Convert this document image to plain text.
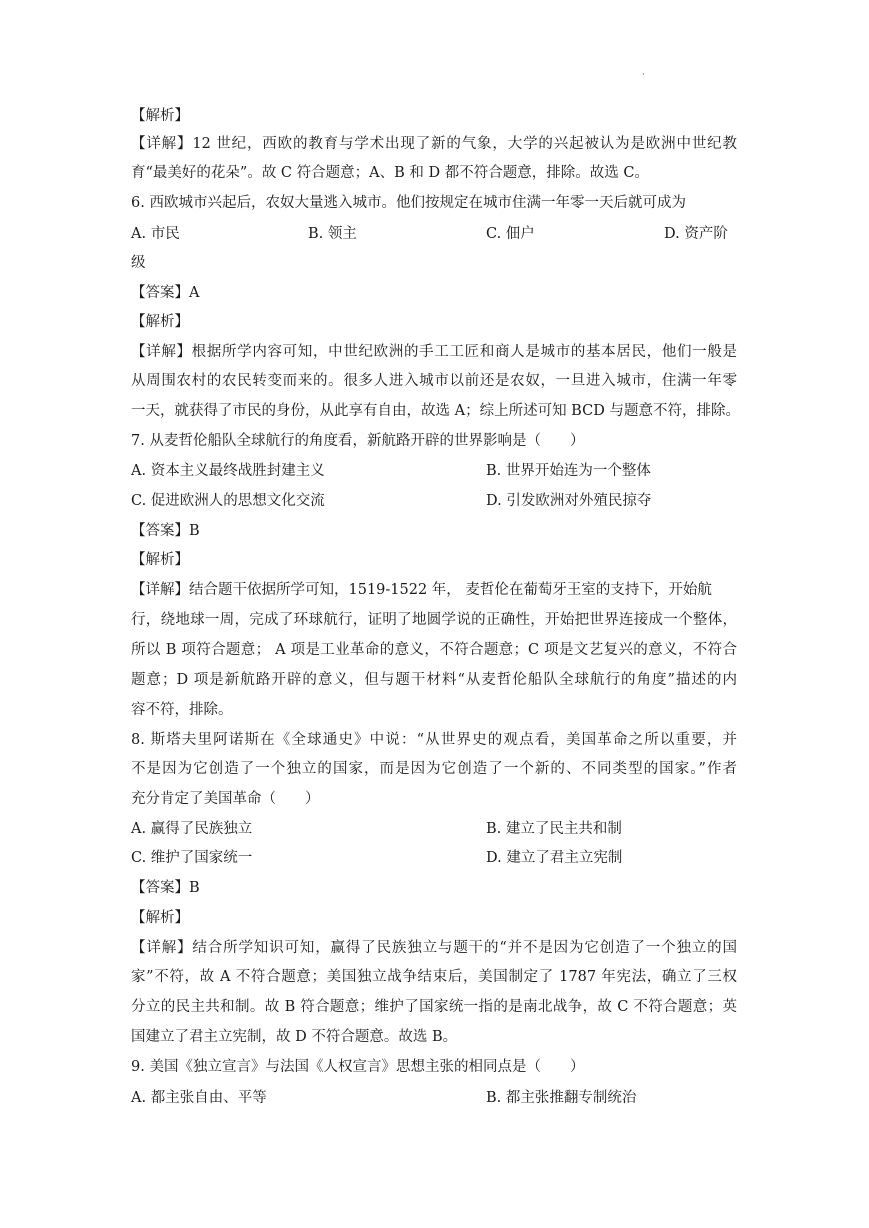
·
【解析】
【详解】12 世纪，西欧的教育与学术出现了新的气象，大学的兴起被认为是欧洲中世纪教
育“最美好的花朵”。故 C 符合题意；A、B 和 D 都不符合题意，排除。故选 C。
6. 西欧城市兴起后，农奴大量逃入城市。他们按规定在城市住满一年零一天后就可成为
A. 市民	B. 领主	C. 佃户	D. 资产阶
级
【答案】A
【解析】
【详解】根据所学内容可知，中世纪欧洲的手工工匠和商人是城市的基本居民，他们一般是
从周围农村的农民转变而来的。很多人进入城市以前还是农奴，一旦进入城市，住满一年零
一天，就获得了市民的身份，从此享有自由，故选 A；综上所述可知 BCD 与题意不符，排除。
7. 从麦哲伦船队全球航行的角度看，新航路开辟的世界影响是（　　）
A. 资本主义最终战胜封建主义	B. 世界开始连为一个整体
C. 促进欧洲人的思想文化交流	D. 引发欧洲对外殖民掠夺
【答案】B
【解析】
【详解】结合题干依据所学可知，1519-1522 年， 麦哲伦在葡萄牙王室的支持下，开始航
行，绕地球一周，完成了环球航行，证明了地圆学说的正确性，开始把世界连接成一个整体，
所以 B 项符合题意； A 项是工业革命的意义，不符合题意；C 项是文艺复兴的意义，不符合
题意；D 项是新航路开辟的意义，但与题干材料“从麦哲伦船队全球航行的角度”描述的内
容不符，排除。
8. 斯塔夫里阿诺斯在《全球通史》中说：“从世界史的观点看，美国革命之所以重要，并
不是因为它创造了一个独立的国家，而是因为它创造了一个新的、不同类型的国家。”作者
充分肯定了美国革命（　　）
A. 赢得了民族独立	B. 建立了民主共和制
C. 维护了国家统一	D. 建立了君主立宪制
【答案】B
【解析】
【详解】结合所学知识可知，赢得了民族独立与题干的“并不是因为它创造了一个独立的国
家”不符，故 A 不符合题意；美国独立战争结束后，美国制定了 1787 年宪法，确立了三权
分立的民主共和制。故 B 符合题意；维护了国家统一指的是南北战争，故 C 不符合题意；英
国建立了君主立宪制，故 D 不符合题意。故选 B。
9. 美国《独立宣言》与法国《人权宣言》思想主张的相同点是（　　）
A. 都主张自由、平等	B. 都主张推翻专制统治
